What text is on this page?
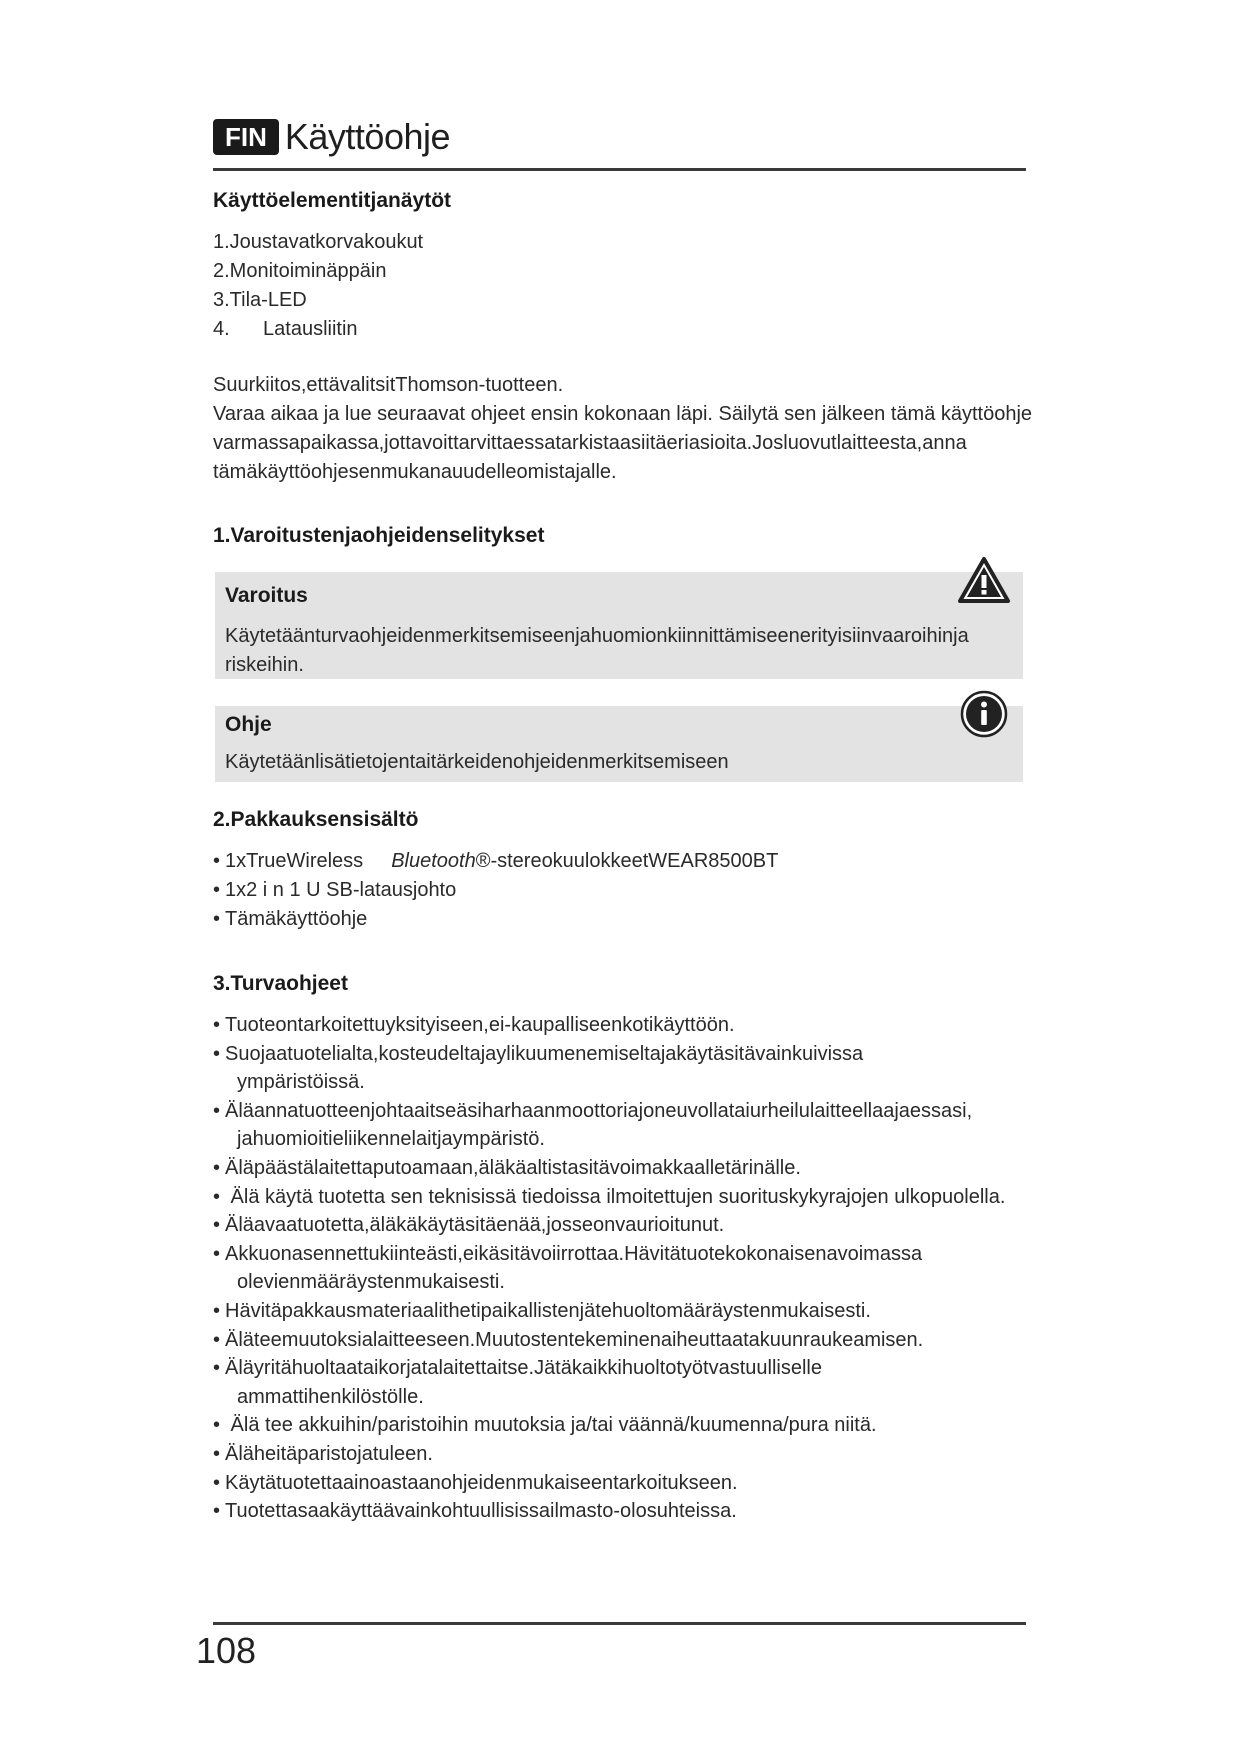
FIN Käyttöohje
Käyttöelementitjanäytöt
1.Joustavatkorvakoukut
2.Monitoiminäppäin
3.Tila-LED
4.      Latausliitin
Suurkiitos,ettävalitsitThomson-tuotteen.
Varaa aikaa ja lue seuraavat ohjeet ensin kokonaan läpi. Säilytä sen jälkeen tämä käyttöohje
varmassapaikassa,jottavoittarvittaessatarkistaasiitäeriasioita.Josluovutlaitteesta,anna
tämäkäyttöohjesenmukanauudelleomistajalle.
1.Varoitustenjaohjeidenselitykset
Varoitus
Käytetäänturvaohjeidenmerkitsemiseenjahuomionkiinnittämiseenerityisiinvaaroihinja
riskeihin.
Ohje
Käytetäänlisätietojentaitärkeidenohjeidenmerkitsemiseen
2.Pakkauksensisältö
• 1xTrueWireless Bluetooth®-stereokuulokkeetWEAR8500BT
• 1x2 i n 1 U SB-latausjohto
• Tämäkäyttöohje
3.Turvaohjeet
• Tuoteontarkoitettuyksityiseen,ei-kaupalliseenkotikäyttöön.
• Suojaatuotelialta,kosteudeltajaylikuumenemiseltajakäytäsitävainkuivissa
ympäristöissä.
• Äläannatuotteenjohtaaitseäsiharhaanmoottoriajoneuvollataiurheilulaitteellaajaessasi,
jahuomioitieliikennelaitjaympäristö.
• Äläpäästälaitettaputoamaan,äläkäaltistasitävoimakkaalletärinälle.
•  Älä käytä tuotetta sen teknisissä tiedoissa ilmoitettujen suorituskykyrajojen ulkopuolella.
• Äläavaatuotetta,äläkäkäytäsitäenää,josseonvaurioitunut.
• Akkuonasennettukiinteästi,eikäsitävoiirrottaa.Hävitätuotekokonaisenavoimassa
olevienmääräystenmukaisesti.
• Hävitäpakkausmateriaalithetipaikallistenjätehuoltomääräystenmukaisesti.
• Äläteemuutoksialaitteeseen.Muutostentekeminenaiheuttaatakuunraukeamisen.
• Äläyritähuoltaataikorjatalaitettaitse.Jätäkaikkihuoltotyötvastuulliselle
ammattihenkilöstölle.
•  Älä tee akkuihin/paristoihin muutoksia ja/tai väännä/kuumenna/pura niitä.
• Äläheitäparistojatuleen.
• Käytätuotettaainoastaanohjeidenmukaiseentarkoitukseen.
• Tuotettasaakäyttäävainkohtuullisissailmasto-olosuhteissa.
108
